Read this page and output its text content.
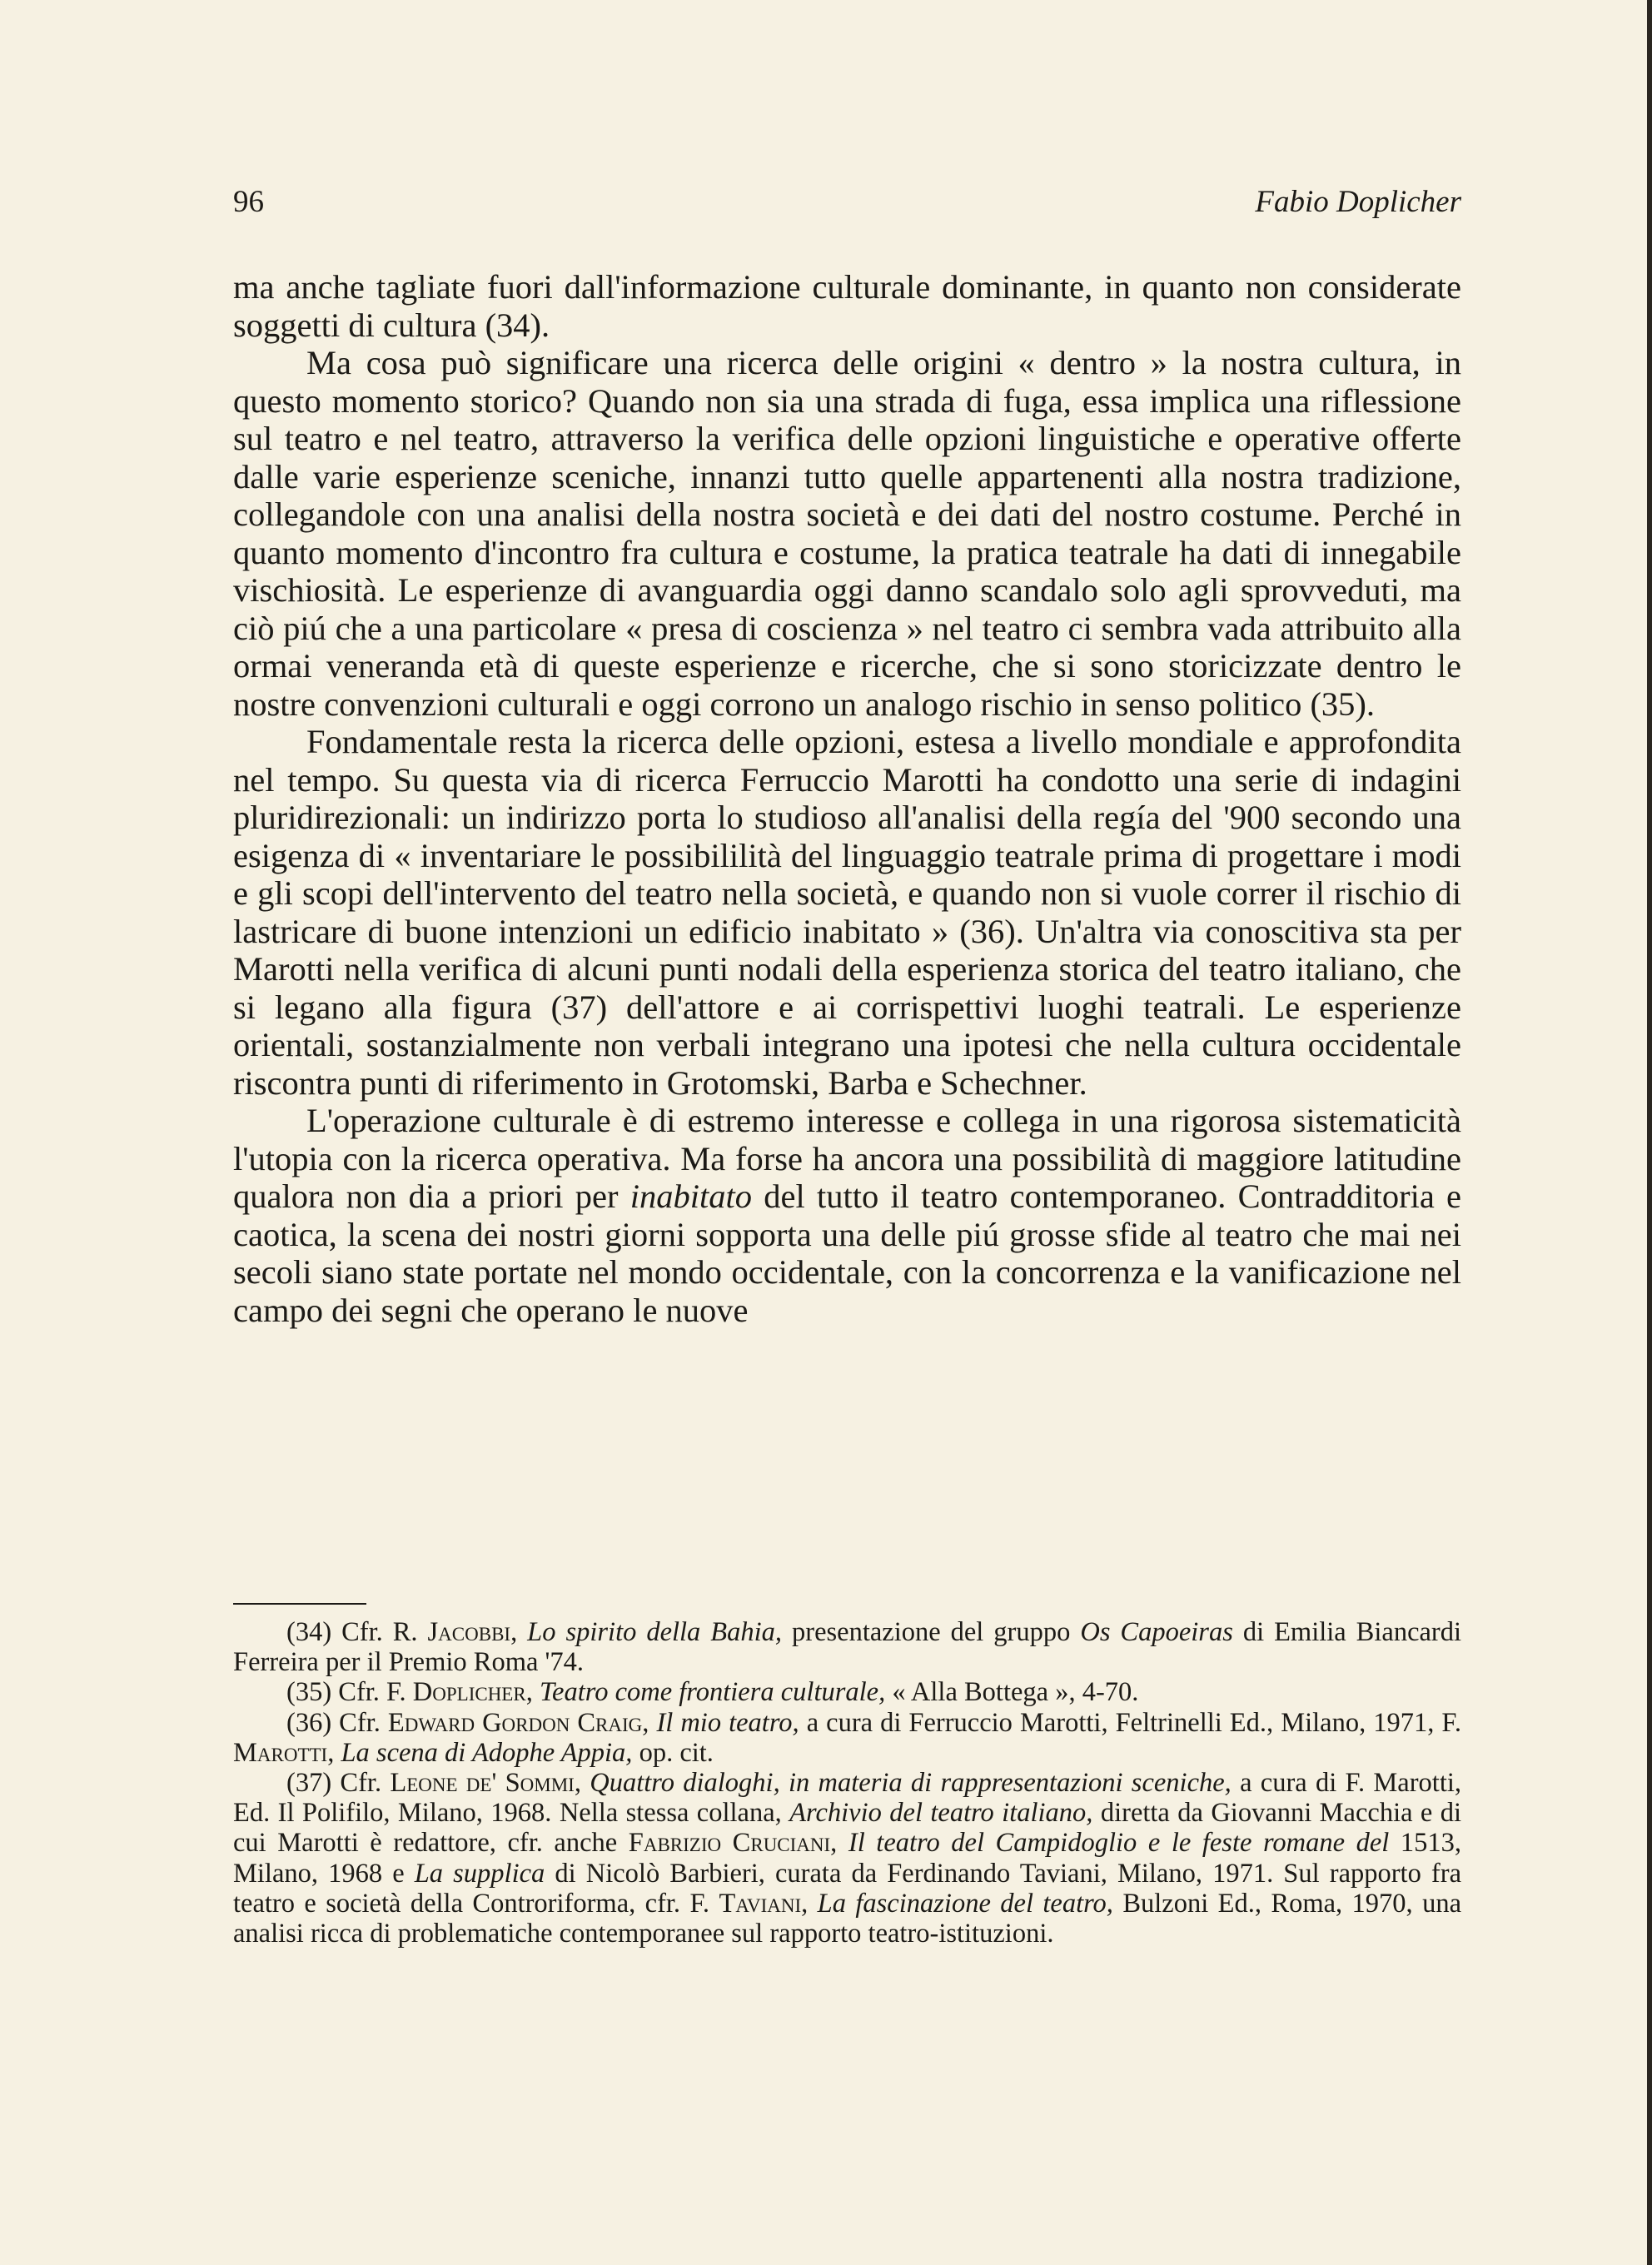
96	Fabio Doplicher

ma anche tagliate fuori dall'informazione culturale dominante, in quanto non considerate soggetti di cultura (34).

Ma cosa può significare una ricerca delle origini « dentro » la nostra cultura, in questo momento storico? Quando non sia una strada di fuga, essa implica una riflessione sul teatro e nel teatro, attraverso la verifica delle opzioni linguistiche e operative offerte dalle varie esperienze sceniche, innanzi tutto quelle appartenenti alla nostra tradizione, collegandole con una analisi della nostra società e dei dati del nostro costume. Perché in quanto momento d'incontro fra cultura e costume, la pratica teatrale ha dati di innegabile vischiosità. Le esperienze di avanguardia oggi danno scandalo solo agli sprovveduti, ma ciò piú che a una particolare « presa di coscienza » nel teatro ci sembra vada attribuito alla ormai veneranda età di queste esperienze e ricerche, che si sono storicizzate dentro le nostre convenzioni culturali e oggi corrono un analogo rischio in senso politico (35).

Fondamentale resta la ricerca delle opzioni, estesa a livello mondiale e approfondita nel tempo. Su questa via di ricerca Ferruccio Marotti ha condotto una serie di indagini pluridirezionali: un indirizzo porta lo studioso all'analisi della regía del '900 secondo una esigenza di « inventariare le possibililità del linguaggio teatrale prima di progettare i modi e gli scopi dell'intervento del teatro nella società, e quando non si vuole correr il rischio di lastricare di buone intenzioni un edificio inabitato » (36). Un'altra via conoscitiva sta per Marotti nella verifica di alcuni punti nodali della esperienza storica del teatro italiano, che si legano alla figura (37) dell'attore e ai corrispettivi luoghi teatrali. Le esperienze orientali, sostanzialmente non verbali integrano una ipotesi che nella cultura occidentale riscontra punti di riferimento in Grotomski, Barba e Schechner.

L'operazione culturale è di estremo interesse e collega in una rigorosa sistematicità l'utopia con la ricerca operativa. Ma forse ha ancora una possibilità di maggiore latitudine qualora non dia a priori per inabitato del tutto il teatro contemporaneo. Contradditoria e caotica, la scena dei nostri giorni sopporta una delle piú grosse sfide al teatro che mai nei secoli siano state portate nel mondo occidentale, con la concorrenza e la vanificazione nel campo dei segni che operano le nuove

(34) Cfr. R. Jacobbi, Lo spirito della Bahia, presentazione del gruppo Os Capoeiras di Emilia Biancardi Ferreira per il Premio Roma '74.

(35) Cfr. F. Doplicher, Teatro come frontiera culturale, « Alla Bottega », 4-70.

(36) Cfr. Edward Gordon Craig, Il mio teatro, a cura di Ferruccio Marotti, Feltrinelli Ed., Milano, 1971, F. Marotti, La scena di Adophe Appia, op. cit.

(37) Cfr. Leone de' Sommi, Quattro dialoghi, in materia di rappresentazioni sceniche, a cura di F. Marotti, Ed. Il Polifilo, Milano, 1968. Nella stessa collana, Archivio del teatro italiano, diretta da Giovanni Macchia e di cui Marotti è redattore, cfr. anche Fabrizio Cruciani, Il teatro del Campidoglio e le feste romane del 1513, Milano, 1968 e La supplica di Nicolò Barbieri, curata da Ferdinando Taviani, Milano, 1971. Sul rapporto fra teatro e società della Controriforma, cfr. F. Taviani, La fascinazione del teatro, Bulzoni Ed., Roma, 1970, una analisi ricca di problematiche contemporanee sul rapporto teatro-istituzioni.
